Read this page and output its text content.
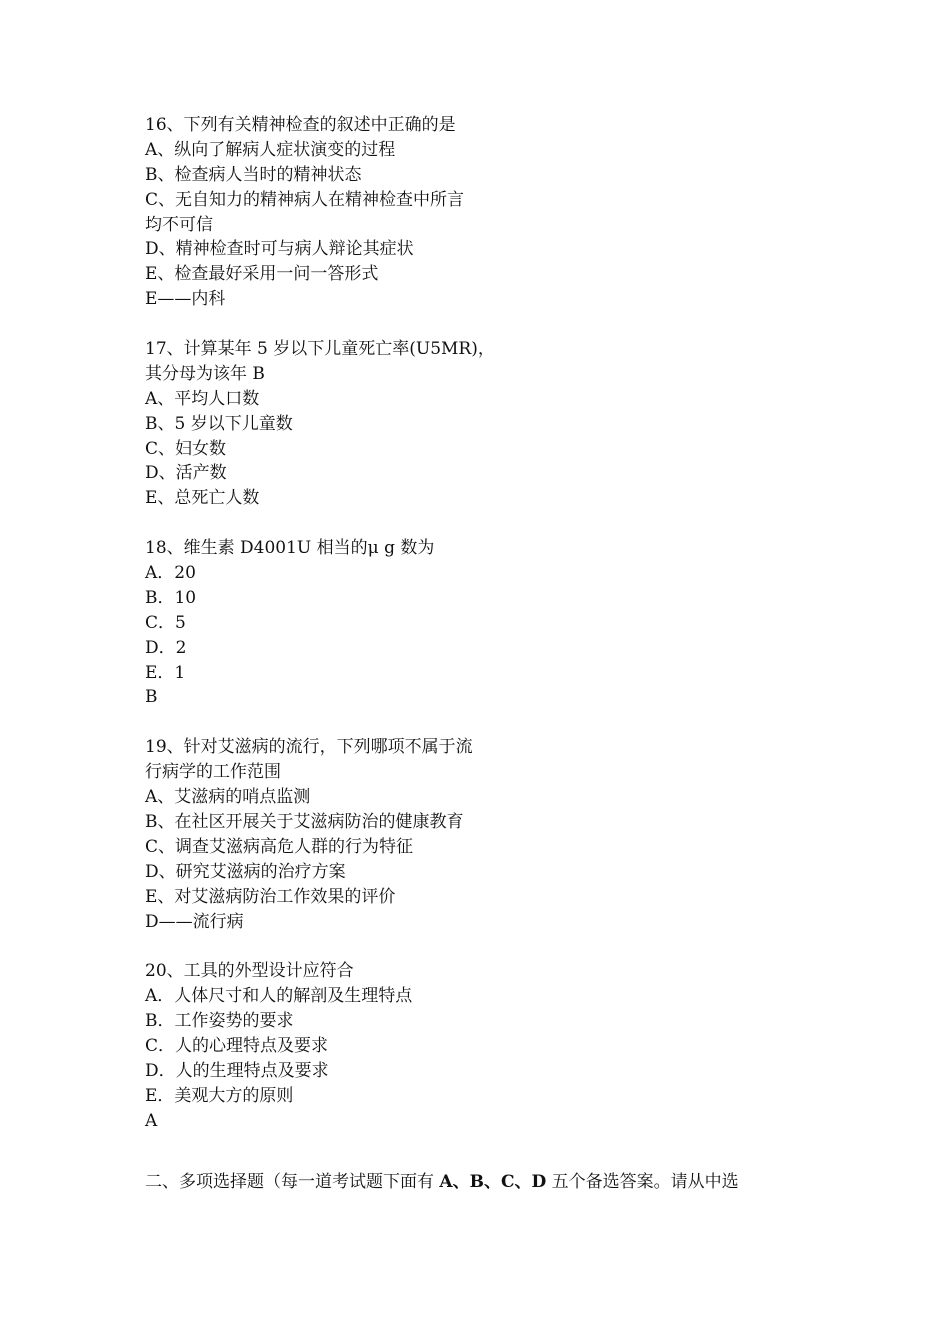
16、下列有关精神检查的叙述中正确的是
A、纵向了解病人症状演变的过程
B、检查病人当时的精神状态
C、无自知力的精神病人在精神检查中所言
均不可信
D、精神检查时可与病人辩论其症状
E、检查最好采用一问一答形式
E——内科
17、计算某年 5 岁以下儿童死亡率(U5MR)，
其分母为该年 B
A、平均人口数
B、5 岁以下儿童数
C、妇女数
D、活产数
E、总死亡人数
18、维生素 D4001U 相当的μ g 数为
A．20
B．10
C．5
D．2
E．1
B
19、针对艾滋病的流行，下列哪项不属于流
行病学的工作范围
A、艾滋病的哨点监测
B、在社区开展关于艾滋病防治的健康教育
C、调查艾滋病高危人群的行为特征
D、研究艾滋病的治疗方案
E、对艾滋病防治工作效果的评价
D——流行病
20、工具的外型设计应符合
A．人体尺寸和人的解剖及生理特点
B．工作姿势的要求
C．人的心理特点及要求
D．人的生理特点及要求
E．美观大方的原则
A
二、多项选择题（每一道考试题下面有 A、B、C、D 五个备选答案。请从中选
